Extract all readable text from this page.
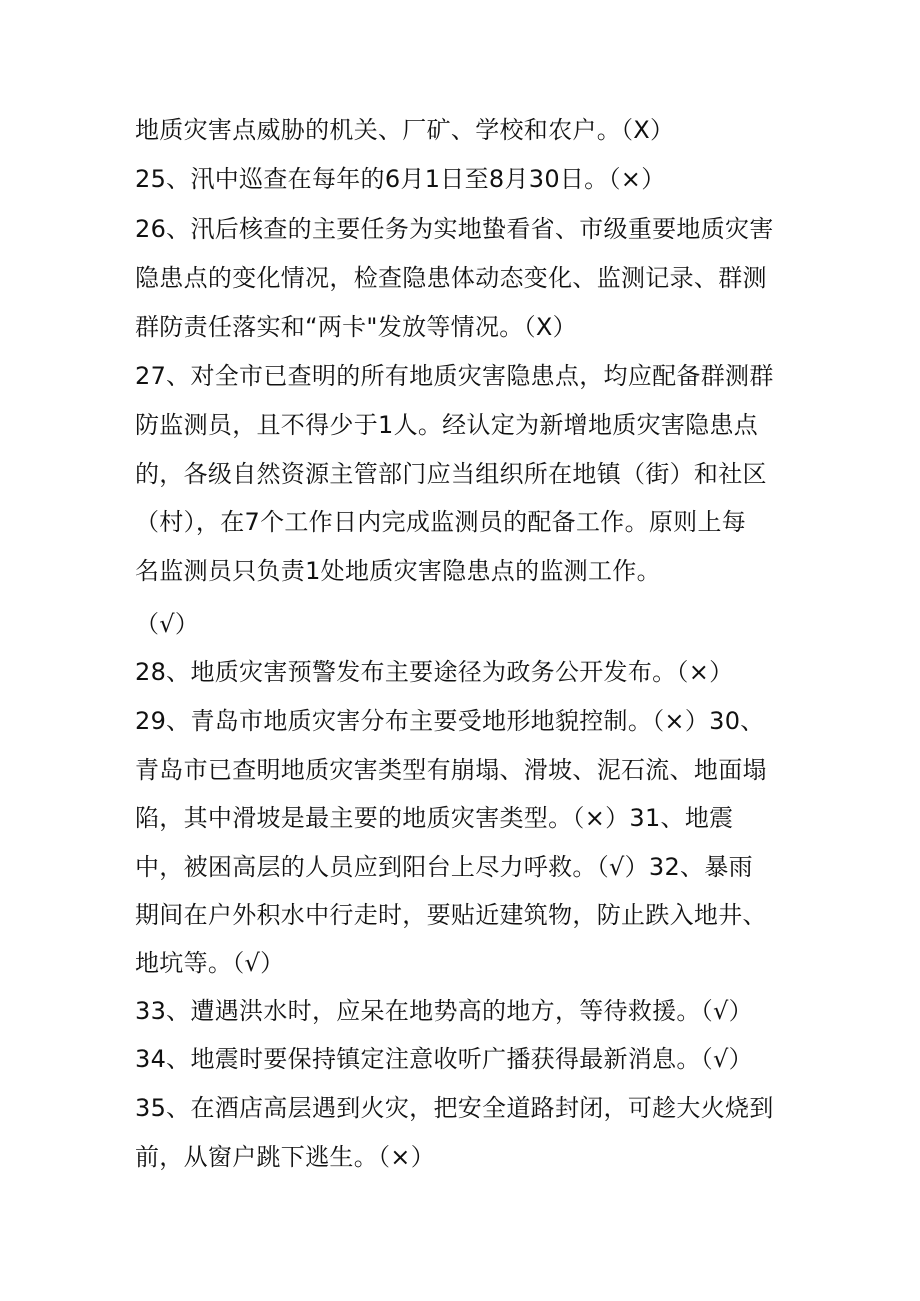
地质灾害点威胁的机关、厂矿、学校和农户。（X）
25、汛中巡查在每年的6月1日至8月30日。（×）
26、汛后核查的主要任务为实地蛰看省、市级重要地质灾害
隐患点的变化情况，检查隐患体动态变化、监测记录、群测
群防责任落实和“两卡"发放等情况。（X）
27、对全市已查明的所有地质灾害隐患点，均应配备群测群
防监测员，且不得少于1人。经认定为新增地质灾害隐患点
的，各级自然资源主管部门应当组织所在地镇（街）和社区
（村），在7个工作日内完成监测员的配备工作。原则上每
名监测员只负责1处地质灾害隐患点的监测工作。
（√）
28、地质灾害预警发布主要途径为政务公开发布。（×）
29、青岛市地质灾害分布主要受地形地貌控制。（×）30、
青岛市已查明地质灾害类型有崩塌、滑坡、泥石流、地面塌
陷，其中滑坡是最主要的地质灾害类型。（×）31、地震
中，被困高层的人员应到阳台上尽力呼救。（√）32、暴雨
期间在户外积水中行走时，要贴近建筑物，防止跌入地井、
地坑等。（√）
33、遭遇洪水时，应呆在地势高的地方，等待救援。（√）
34、地震时要保持镇定注意收听广播获得最新消息。（√）
35、在酒店高层遇到火灾，把安全道路封闭，可趁大火烧到
前，从窗户跳下逃生。（×）
